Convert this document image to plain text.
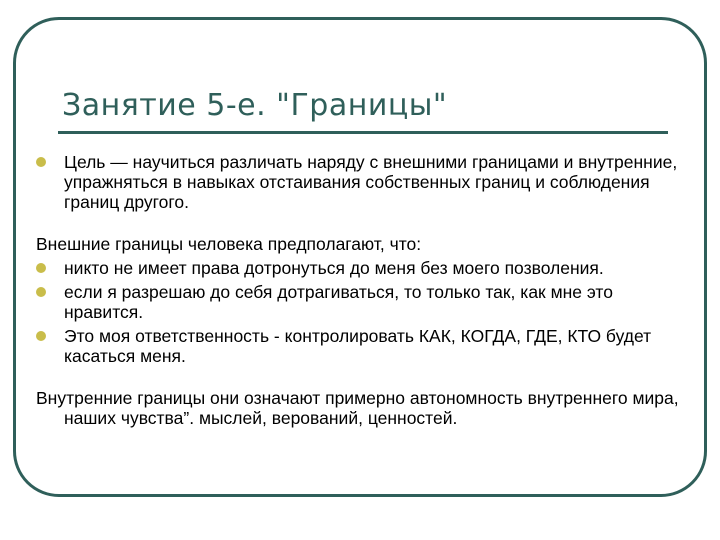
Занятие 5-е. "Границы"

Цель — научиться различать наряду с внешними границами и внутренние, упражняться в навыках отстаивания собственных границ и соблюдения границ другого.

Внешние границы человека предполагают, что:

никто не имеет права дотронуться до меня без моего позволения.

если я разрешаю до себя дотрагиваться, то только так, как мне это нравится.

Это моя ответственность - контролировать КАК, КОГДА, ГДЕ, КТО будет касаться меня.

Внутренние границы они означают примерно автономность внутреннего мира, наших чувства”. мыслей, верований, ценностей.
